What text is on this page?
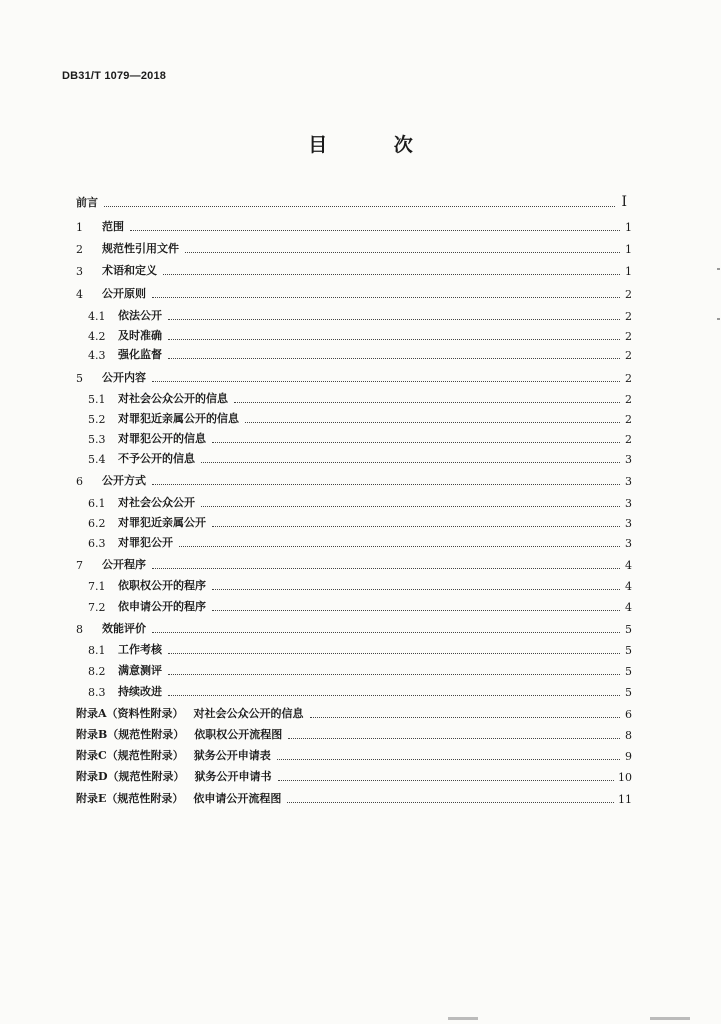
DB31/T 1079—2018
目 次
前言	Ⅰ
1	范围	1
2	规范性引用文件	1
3	术语和定义	1
4	公开原则	2
4.1	依法公开	2
4.2	及时准确	2
4.3	强化监督	2
5	公开内容	2
5.1	对社会公众公开的信息	2
5.2	对罪犯近亲属公开的信息	2
5.3	对罪犯公开的信息	2
5.4	不予公开的信息	3
6	公开方式	3
6.1	对社会公众公开	3
6.2	对罪犯近亲属公开	3
6.3	对罪犯公开	3
7	公开程序	4
7.1	依职权公开的程序	4
7.2	依申请公开的程序	4
8	效能评价	5
8.1	工作考核	5
8.2	满意测评	5
8.3	持续改进	5
附录A（资料性附录） 对社会公众公开的信息	6
附录B（规范性附录） 依职权公开流程图	8
附录C（规范性附录） 狱务公开申请表	9
附录D（规范性附录） 狱务公开申请书	10
附录E（规范性附录） 依申请公开流程图	11
